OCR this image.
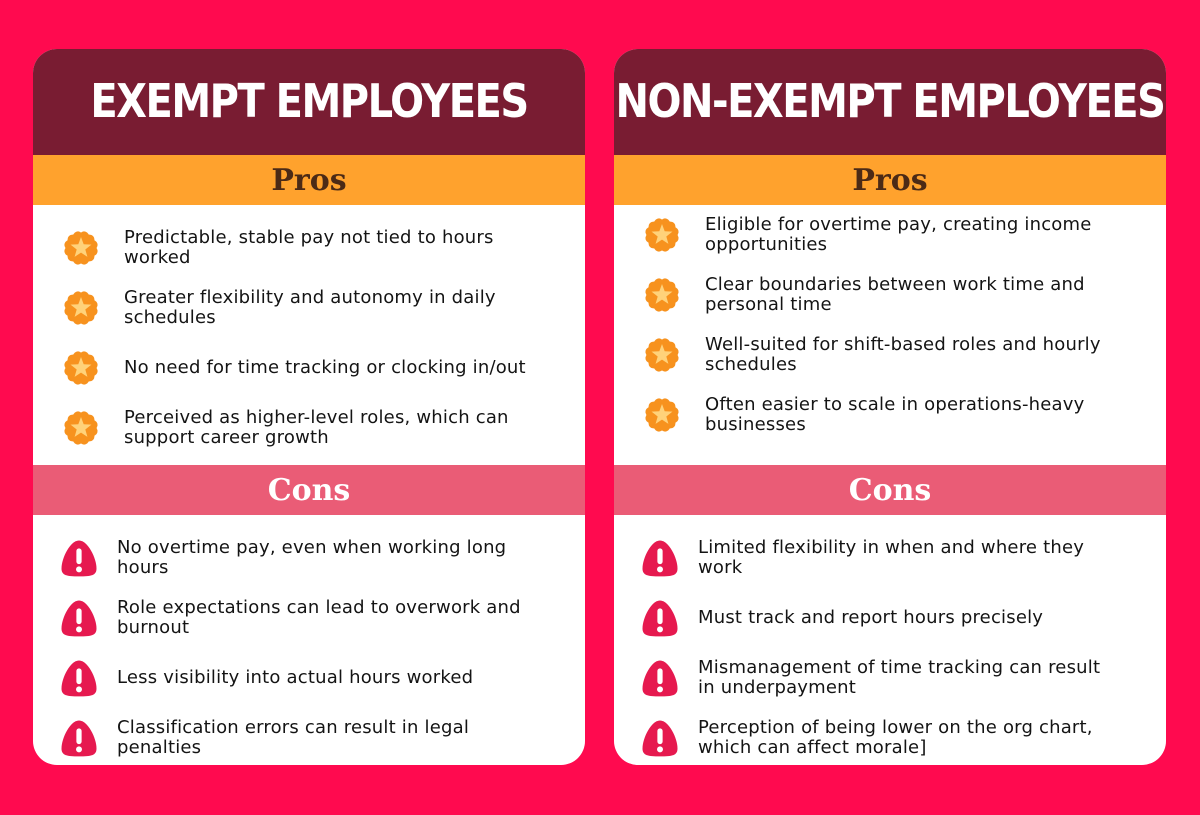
EXEMPT EMPLOYEES
Pros
Predictable, stable pay not tied to hours worked
Greater flexibility and autonomy in daily schedules
No need for time tracking or clocking in/out
Perceived as higher-level roles, which can support career growth
Cons
No overtime pay, even when working long hours
Role expectations can lead to overwork and burnout
Less visibility into actual hours worked
Classification errors can result in legal penalties
NON-EXEMPT EMPLOYEES
Pros
Eligible for overtime pay, creating income opportunities
Clear boundaries between work time and personal time
Well-suited for shift-based roles and hourly schedules
Often easier to scale in operations-heavy businesses
Cons
Limited flexibility in when and where they work
Must track and report hours precisely
Mismanagement of time tracking can result in underpayment
Perception of being lower on the org chart, which can affect morale]
